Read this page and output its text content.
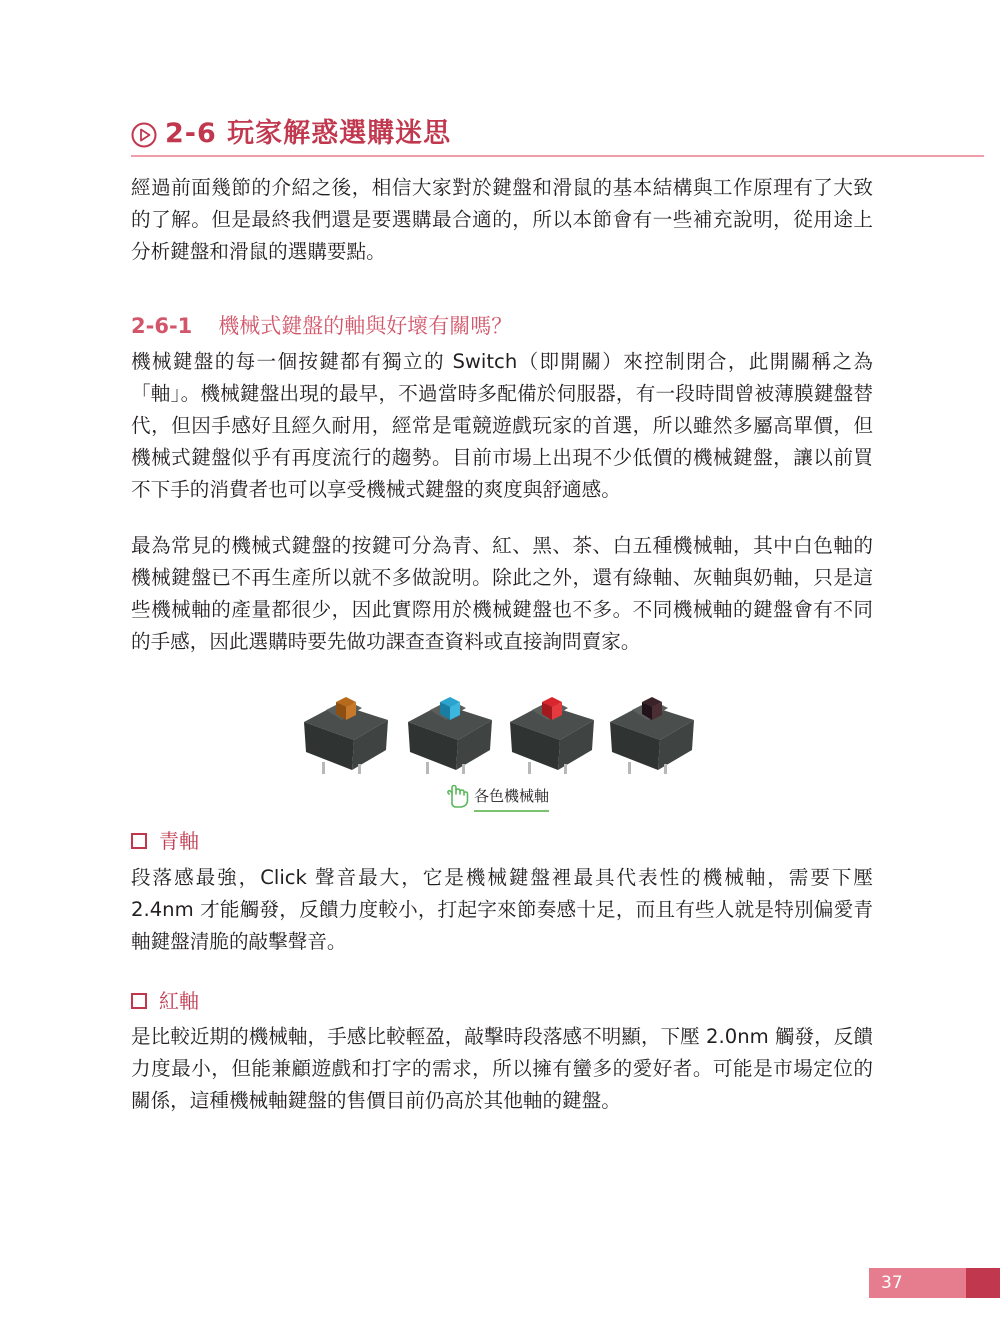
2-6 玩家解惑選購迷思
經過前面幾節的介紹之後，相信大家對於鍵盤和滑鼠的基本結構與工作原理有了大致的了解。但是最終我們還是要選購最合適的，所以本節會有一些補充說明，從用途上分析鍵盤和滑鼠的選購要點。
2-6-1 機械式鍵盤的軸與好壞有關嗎？
機械鍵盤的每一個按鍵都有獨立的 Switch（即開關）來控制閉合，此開關稱之為「軸」。機械鍵盤出現的最早，不過當時多配備於伺服器，有一段時間曾被薄膜鍵盤替代，但因手感好且經久耐用，經常是電競遊戲玩家的首選，所以雖然多屬高單價，但機械式鍵盤似乎有再度流行的趨勢。目前市場上出現不少低價的機械鍵盤，讓以前買不下手的消費者也可以享受機械式鍵盤的爽度與舒適感。
最為常見的機械式鍵盤的按鍵可分為青、紅、黑、茶、白五種機械軸，其中白色軸的機械鍵盤已不再生產所以就不多做說明。除此之外，還有綠軸、灰軸與奶軸，只是這些機械軸的產量都很少，因此實際用於機械鍵盤也不多。不同機械軸的鍵盤會有不同的手感，因此選購時要先做功課查查資料或直接詢問賣家。
各色機械軸
青軸
段落感最強，Click 聲音最大，它是機械鍵盤裡最具代表性的機械軸，需要下壓 2.4nm 才能觸發，反饋力度較小，打起字來節奏感十足，而且有些人就是特別偏愛青軸鍵盤清脆的敲擊聲音。
紅軸
是比較近期的機械軸，手感比較輕盈，敲擊時段落感不明顯，下壓 2.0nm 觸發，反饋力度最小，但能兼顧遊戲和打字的需求，所以擁有蠻多的愛好者。可能是市場定位的關係，這種機械軸鍵盤的售價目前仍高於其他軸的鍵盤。
37
